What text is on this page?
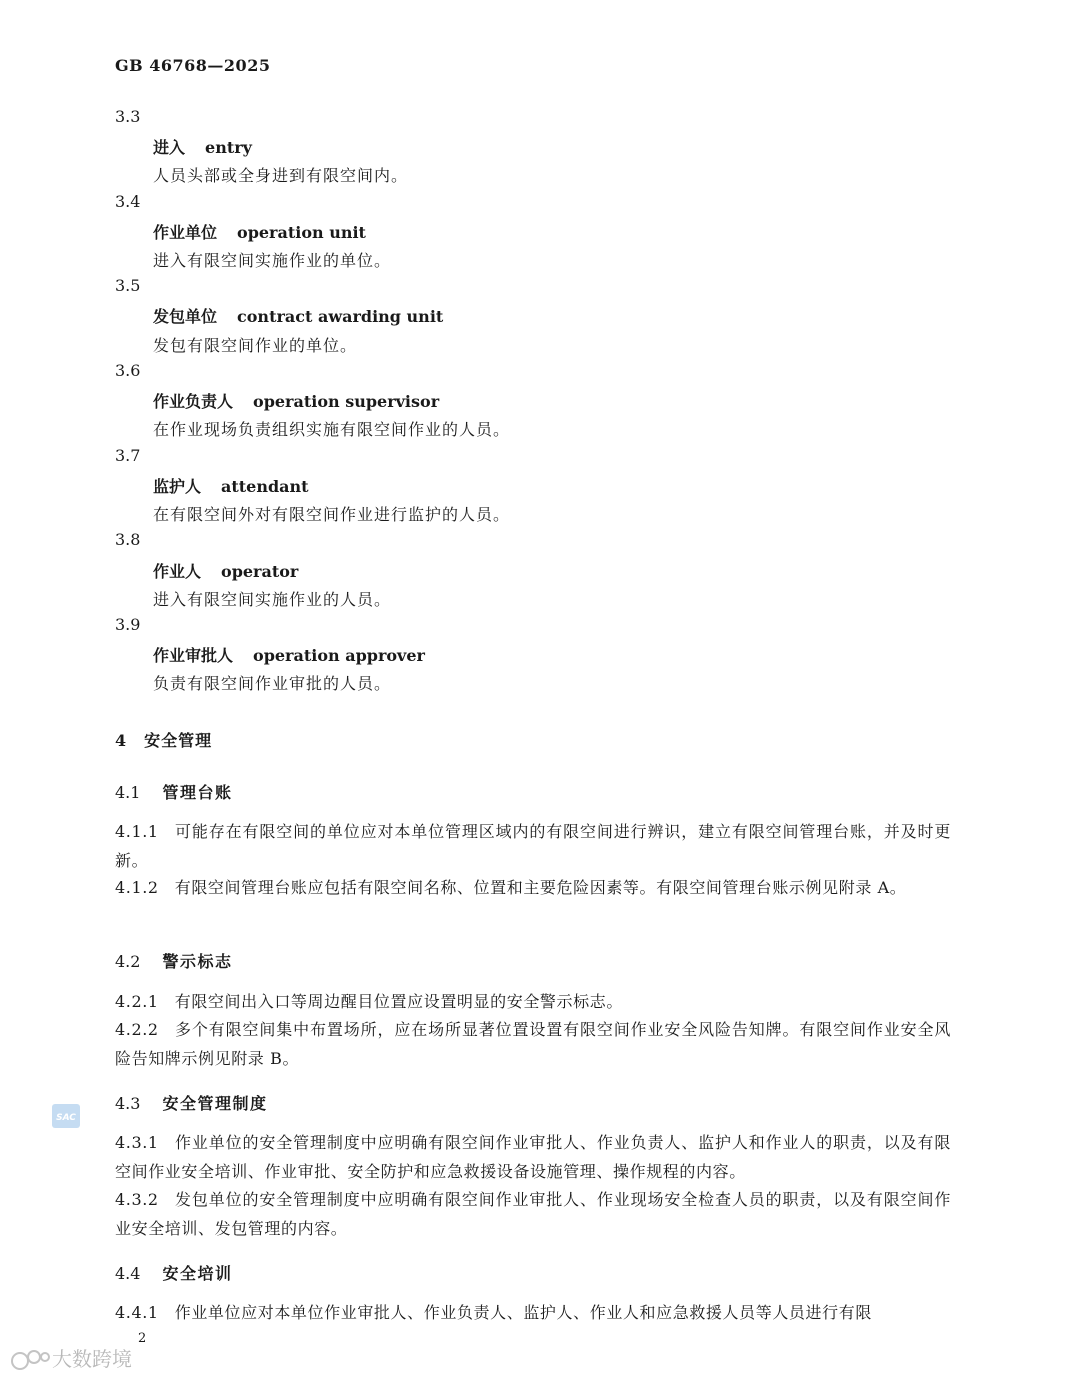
GB 46768—2025
3.3
进入 entry
人员头部或全身进到有限空间内。
3.4
作业单位 operation unit
进入有限空间实施作业的单位。
3.5
发包单位 contract awarding unit
发包有限空间作业的单位。
3.6
作业负责人 operation supervisor
在作业现场负责组织实施有限空间作业的人员。
3.7
监护人 attendant
在有限空间外对有限空间作业进行监护的人员。
3.8
作业人 operator
进入有限空间实施作业的人员。
3.9
作业审批人 operation approver
负责有限空间作业审批的人员。
4 安全管理
4.1 管理台账
4.1.1 可能存在有限空间的单位应对本单位管理区域内的有限空间进行辨识，建立有限空间管理台账，并及时更新。
4.1.2 有限空间管理台账应包括有限空间名称、位置和主要危险因素等。有限空间管理台账示例见附录 A。
4.2 警示标志
4.2.1 有限空间出入口等周边醒目位置应设置明显的安全警示标志。
4.2.2 多个有限空间集中布置场所，应在场所显著位置设置有限空间作业安全风险告知牌。有限空间作业安全风险告知牌示例见附录 B。
4.3 安全管理制度
4.3.1 作业单位的安全管理制度中应明确有限空间作业审批人、作业负责人、监护人和作业人的职责，以及有限空间作业安全培训、作业审批、安全防护和应急救援设备设施管理、操作规程的内容。
4.3.2 发包单位的安全管理制度中应明确有限空间作业审批人、作业现场安全检查人员的职责，以及有限空间作业安全培训、发包管理的内容。
4.4 安全培训
4.4.1 作业单位应对本单位作业审批人、作业负责人、监护人、作业人和应急救援人员等人员进行有限
SAC
2
大数跨境
